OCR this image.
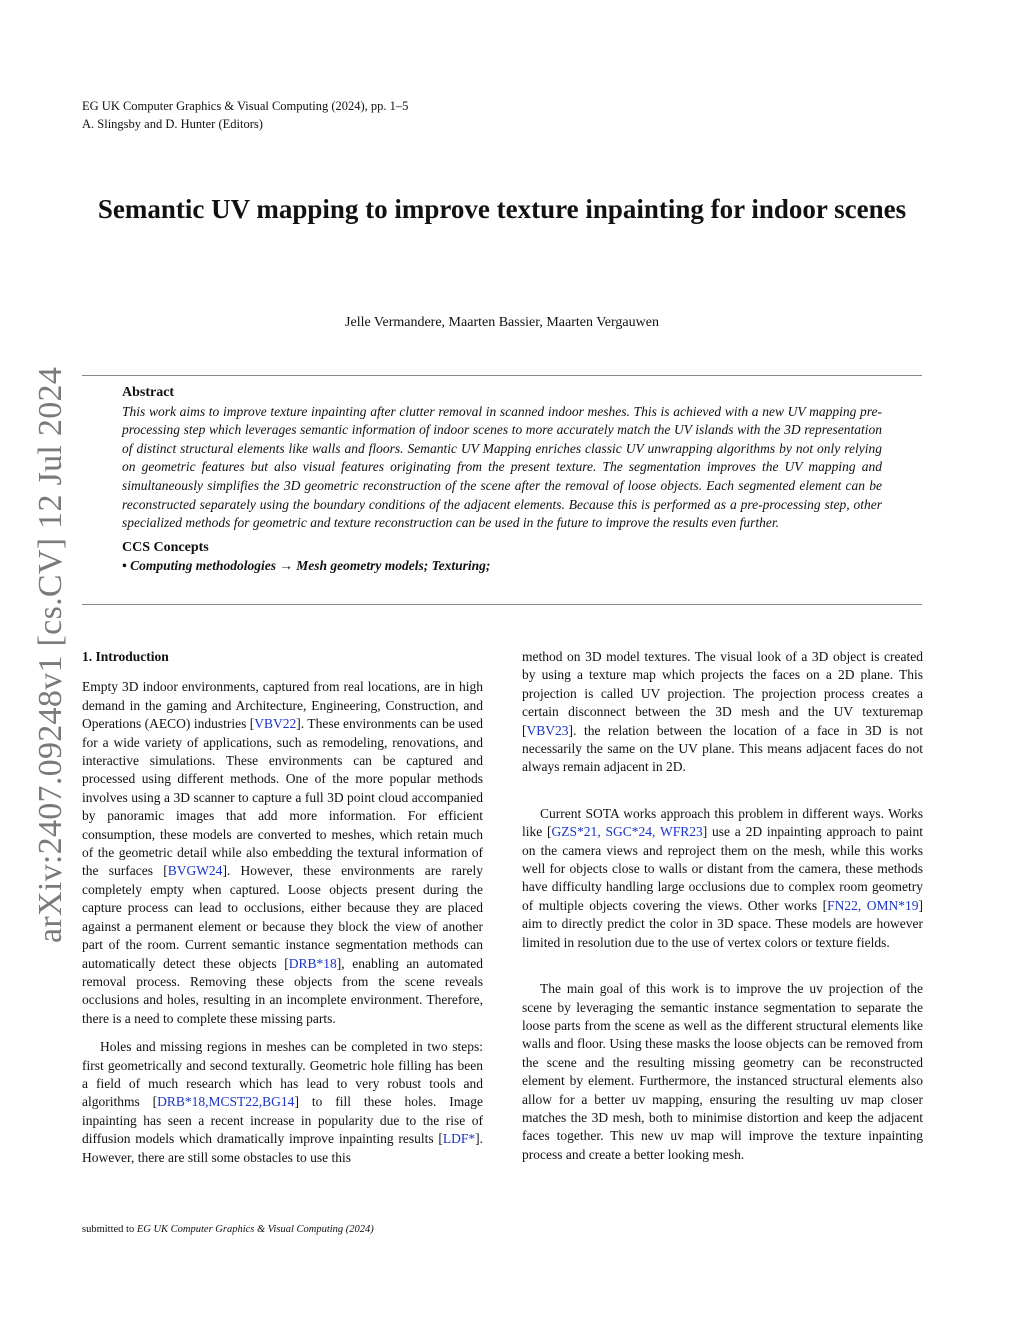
EG UK Computer Graphics & Visual Computing (2024), pp. 1–5
A. Slingsby and D. Hunter (Editors)
arXiv:2407.09248v1 [cs.CV] 12 Jul 2024
Semantic UV mapping to improve texture inpainting for indoor scenes
Jelle Vermandere, Maarten Bassier, Maarten Vergauwen
Abstract

This work aims to improve texture inpainting after clutter removal in scanned indoor meshes. This is achieved with a new UV mapping pre-processing step which leverages semantic information of indoor scenes to more accurately match the UV islands with the 3D representation of distinct structural elements like walls and floors. Semantic UV Mapping enriches classic UV unwrapping algorithms by not only relying on geometric features but also visual features originating from the present texture. The segmentation improves the UV mapping and simultaneously simplifies the 3D geometric reconstruction of the scene after the removal of loose objects. Each segmented element can be reconstructed separately using the boundary conditions of the adjacent elements. Because this is performed as a pre-processing step, other specialized methods for geometric and texture reconstruction can be used in the future to improve the results even further.

CCS Concepts

• Computing methodologies → Mesh geometry models; Texturing;

1. Introduction

Empty 3D indoor environments, captured from real locations, are in high demand in the gaming and Architecture, Engineering, Construction, and Operations (AECO) industries [VBV22]. These environments can be used for a wide variety of applications, such as remodeling, renovations, and interactive simulations. These environments can be captured and processed using different methods. One of the more popular methods involves using a 3D scanner to capture a full 3D point cloud accompanied by panoramic images that add more information. For efficient consumption, these models are converted to meshes, which retain much of the geometric detail while also embedding the textural information of the surfaces [BVGW24]. However, these environments are rarely completely empty when captured. Loose objects present during the capture process can lead to occlusions, either because they are placed against a permanent element or because they block the view of another part of the room. Current semantic instance segmentation methods can automatically detect these objects [DRB*18], enabling an automated removal process. Removing these objects from the scene reveals occlusions and holes, resulting in an incomplete environment. Therefore, there is a need to complete these missing parts.

Holes and missing regions in meshes can be completed in two steps: first geometrically and second texturally. Geometric hole filling has been a field of much research which has lead to very robust tools and algorithms [DRB*18,MCST22,BG14] to fill these holes. Image inpainting has seen a recent increase in popularity due to the rise of diffusion models which dramatically improve inpainting results [LDF*]. However, there are still some obstacles to use this

method on 3D model textures. The visual look of a 3D object is created by using a texture map which projects the faces on a 2D plane. This projection is called UV projection. The projection process creates a certain disconnect between the 3D mesh and the UV texturemap [VBV23]. the relation between the location of a face in 3D is not necessarily the same on the UV plane. This means adjacent faces do not always remain adjacent in 2D.

Current SOTA works approach this problem in different ways. Works like [GZS*21, SGC*24, WFR23] use a 2D inpainting approach to paint on the camera views and reproject them on the mesh, while this works well for objects close to walls or distant from the camera, these methods have difficulty handling large occlusions due to complex room geometry of multiple objects covering the views. Other works [FN22, OMN*19] aim to directly predict the color in 3D space. These models are however limited in resolution due to the use of vertex colors or texture fields.

The main goal of this work is to improve the uv projection of the scene by leveraging the semantic instance segmentation to separate the loose parts from the scene as well as the different structural elements like walls and floor. Using these masks the loose objects can be removed from the scene and the resulting missing geometry can be reconstructed element by element. Furthermore, the instanced structural elements also allow for a better uv mapping, ensuring the resulting uv map closer matches the 3D mesh, both to minimise distortion and keep the adjacent faces together. This new uv map will improve the texture inpainting process and create a better looking mesh.

submitted to EG UK Computer Graphics & Visual Computing (2024)
